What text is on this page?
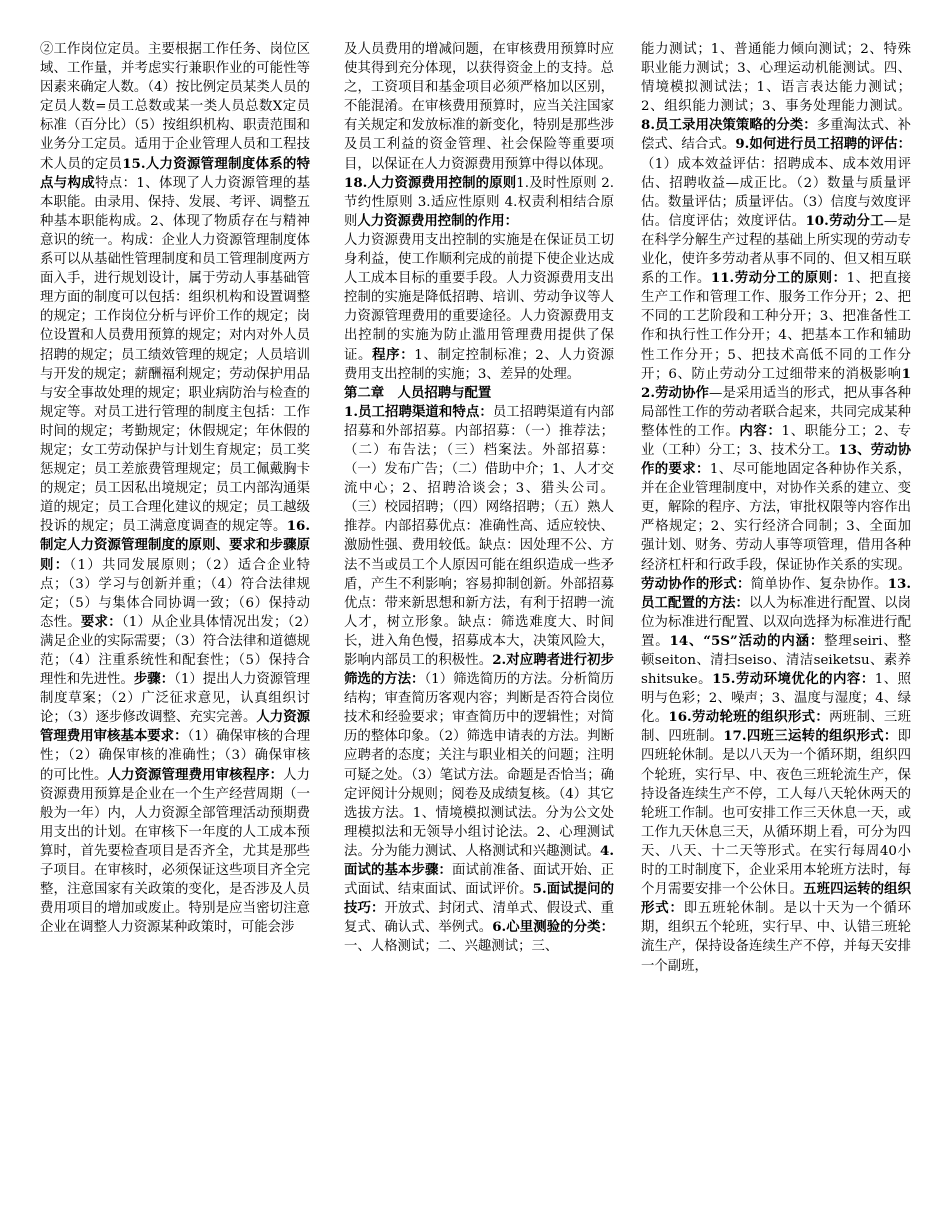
②工作岗位定员。主要根据工作任务、岗位区域、工作量，并考虑实行兼职作业的可能性等因素来确定人数。（4）按比例定员某类人员的定员人数=员工总数或某一类人员总数X定员标准（百分比）（5）按组织机构、职责范围和业务分工定员。适用于企业管理人员和工程技术人员的定员15.人力资源管理制度体系的特点与构成特点：1、体现了人力资源管理的基本职能。由录用、保持、发展、考评、调整五种基本职能构成。2、体现了物质存在与精神意识的统一。构成：企业人力资源管理制度体系可以从基础性管理制度和员工管理制度两方面入手，进行规划设计，属于劳动人事基础管理方面的制度可以包括：组织机构和设置调整的规定；工作岗位分析与评价工作的规定；岗位设置和人员费用预算的规定；对内对外人员招聘的规定；员工绩效管理的规定；人员培训与开发的规定；薪酬福利规定；劳动保护用品与安全事故处理的规定；职业病防治与检查的规定等。对员工进行管理的制度主包括：工作时间的规定；考勤规定；休假规定；年休假的规定；女工劳动保护与计划生育规定；员工奖惩规定；员工差旅费管理规定；员工佩戴胸卡的规定；员工因私出境规定；员工内部沟通渠道的规定；员工合理化建议的规定；员工越级投诉的规定；员工满意度调查的规定等。16.制定人力资源管理制度的原则、要求和步骤原则：（1）共同发展原则；（2）适合企业特点；（3）学习与创新并重；（4）符合法律规定；（5）与集体合同协调一致；（6）保持动态性。要求：（1）从企业具体情况出发；（2）满足企业的实际需要；（3）符合法律和道德规范；（4）注重系统性和配套性；（5）保持合理性和先进性。步骤：（1）提出人力资源管理制度草案；（2）广泛征求意见，认真组织讨论；（3）逐步修改调整、充实完善。人力资源管理费用审核基本要求：（1）确保审核的合理性；（2）确保审核的准确性；（3）确保审核的可比性。人力资源管理费用审核程序：人力资源费用预算是企业在一个生产经营周期（一般为一年）内，人力资源全部管理活动预期费用支出的计划。在审核下一年度的人工成本预算时，首先要检查项目是否齐全，尤其是那些子项目。在审核时，必须保证这些项目齐全完整，注意国家有关政策的变化，是否涉及人员费用项目的增加或废止。特别是应当密切注意企业在调整人力资源某种政策时，可能会涉
及人员费用的增减问题，在审核费用预算时应使其得到充分体现，以获得资金上的支持。总之，工资项目和基金项目必须严格加以区别，不能混淆。在审核费用预算时，应当关注国家有关规定和发放标准的新变化，特别是那些涉及员工利益的资金管理、社会保险等重要项目，以保证在人力资源费用预算中得以体现。
18.人力资源费用控制的原则1.及时性原则 2.节约性原则 3.适应性原则 4.权责利相结合原则人力资源费用控制的作用：
人力资源费用支出控制的实施是在保证员工切身利益，使工作顺利完成的前提下使企业达成人工成本目标的重要手段。人力资源费用支出控制的实施是降低招聘、培训、劳动争议等人力资源管理费用的重要途径。人力资源费用支出控制的实施为防止滥用管理费用提供了保证。程序：1、制定控制标准；2、人力资源费用支出控制的实施；3、差异的处理。

第二章　人员招聘与配置
1.员工招聘渠道和特点：员工招聘渠道有内部招募和外部招募。内部招募：（一）推荐法；（二）布告法；（三）档案法。外部招募：（一）发布广告；（二）借助中介；1、人才交流中心；2、招聘洽谈会；3、猎头公司。（三）校园招聘；（四）网络招聘；（五）熟人推荐。内部招募优点：准确性高、适应较快、激励性强、费用较低。缺点：因处理不公、方法不当或员工个人原因可能在组织造成一些矛盾，产生不利影响；容易抑制创新。外部招募优点：带来新思想和新方法，有利于招聘一流人才，树立形象。缺点：筛选难度大、时间长，进入角色慢，招募成本大，决策风险大，影响内部员工的积极性。2.对应聘者进行初步筛选的方法：（1）筛选简历的方法。分析简历结构；审查简历客观内容；判断是否符合岗位技术和经验要求；审查简历中的逻辑性；对简历的整体印象。（2）筛选申请表的方法。判断应聘者的态度；关注与职业相关的问题；注明可疑之处。（3）笔试方法。命题是否恰当；确定评阅计分规则；阅卷及成绩复核。（4）其它选拔方法。1、情境模拟测试法。分为公文处理模拟法和无领导小组讨论法。2、心理测试法。分为能力测试、人格测试和兴趣测试。4.面试的基本步骤：面试前准备、面试开始、正式面试、结束面试、面试评价。5.面试提问的技巧：开放式、封闭式、清单式、假设式、重复式、确认式、举例式。6.心里测验的分类：一、人格测试；二、兴趣测试；三、
能力测试；1、普通能力倾向测试；2、特殊职业能力测试；3、心理运动机能测试。四、情境模拟测试法；1、语言表达能力测试；2、组织能力测试；3、事务处理能力测试。8.员工录用决策策略的分类：多重淘汰式、补偿式、结合式。9.如何进行员工招聘的评估：（1）成本效益评估：招聘成本、成本效用评估、招聘收益—成正比。（2）数量与质量评估。数量评估；质量评估。（3）信度与效度评估。信度评估；效度评估。10.劳动分工—是在科学分解生产过程的基础上所实现的劳动专业化，使许多劳动者从事不同的、但又相互联系的工作。11.劳动分工的原则：1、把直接生产工作和管理工作、服务工作分开；2、把不同的工艺阶段和工种分开；3、把准备性工作和执行性工作分开；4、把基本工作和辅助性工作分开；5、把技术高低不同的工作分开；6、防止劳动分工过细带来的消极影响12.劳动协作—是采用适当的形式，把从事各种局部性工作的劳动者联合起来，共同完成某种整体性的工作。内容：1、职能分工；2、专业（工种）分工；3、技术分工。13、劳动协作的要求：1、尽可能地固定各种协作关系，并在企业管理制度中，对协作关系的建立、变更，解除的程序、方法，审批权限等内容作出严格规定；2、实行经济合同制；3、全面加强计划、财务、劳动人事等项管理，借用各种经济杠杆和行政手段，保证协作关系的实现。劳动协作的形式：简单协作、复杂协作。13.员工配置的方法：以人为标准进行配置、以岗位为标准进行配置、以双向选择为标准进行配置。14、“5S”活动的内涵：整理seiri、整顿seiton、清扫seiso、清洁seiketsu、素养shitsuke。15.劳动环境优化的内容：1、照明与色彩；2、噪声；3、温度与湿度；4、绿化。16.劳动轮班的组织形式：两班制、三班制、四班制。17.四班三运转的组织形式：即四班轮休制。是以八天为一个循环期，组织四个轮班，实行早、中、夜色三班轮流生产，保持设备连续生产不停，工人每八天轮休两天的轮班工作制。也可安排工作三天休息一天，或工作九天休息三天，从循环期上看，可分为四天、八天、十二天等形式。在实行每周40小时的工时制度下，企业采用本轮班方法时，每个月需要安排一个公休日。五班四运转的组织形式：即五班轮休制。是以十天为一个循环期，组织五个轮班，实行早、中、认错三班轮流生产，保持设备连续生产不停，并每天安排一个副班，
